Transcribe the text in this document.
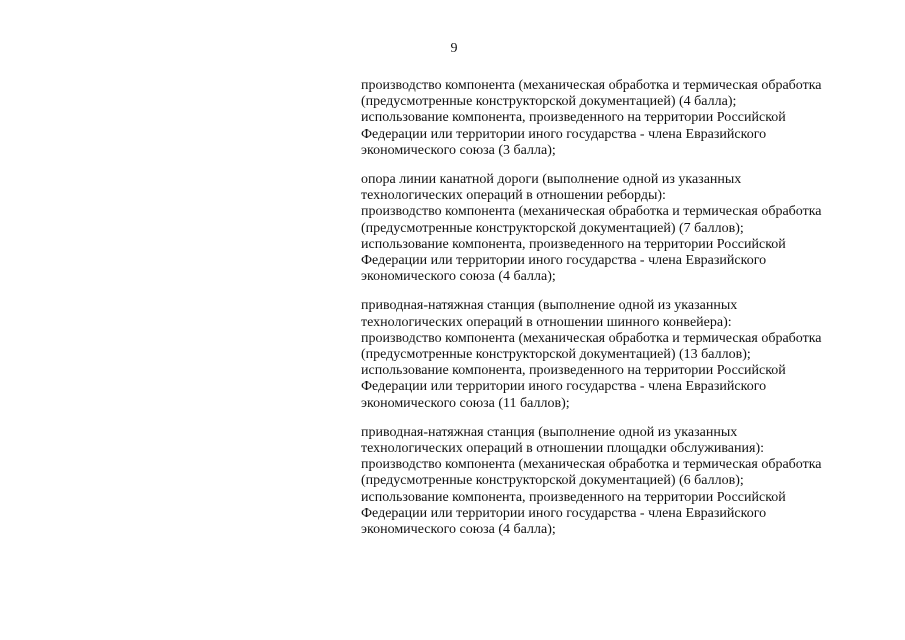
9
производство компонента (механическая обработка и термическая обработка
(предусмотренные конструкторской документацией) (4 балла);
использование компонента, произведенного на территории Российской
Федерации или территории иного государства - члена Евразийского
экономического союза (3 балла);
опора линии канатной дороги (выполнение одной из указанных
технологических операций в отношении реборды):
производство компонента (механическая обработка и термическая обработка
(предусмотренные конструкторской документацией) (7 баллов);
использование компонента, произведенного на территории Российской
Федерации или территории иного государства - члена Евразийского
экономического союза (4 балла);
приводная-натяжная станция (выполнение одной из указанных
технологических операций в отношении шинного конвейера):
производство компонента (механическая обработка и термическая обработка
(предусмотренные конструкторской документацией) (13 баллов);
использование компонента, произведенного на территории Российской
Федерации или территории иного государства - члена Евразийского
экономического союза (11 баллов);
приводная-натяжная станция (выполнение одной из указанных
технологических операций в отношении площадки обслуживания):
производство компонента (механическая обработка и термическая обработка
(предусмотренные конструкторской документацией) (6 баллов);
использование компонента, произведенного на территории Российской
Федерации или территории иного государства - члена Евразийского
экономического союза (4 балла);
